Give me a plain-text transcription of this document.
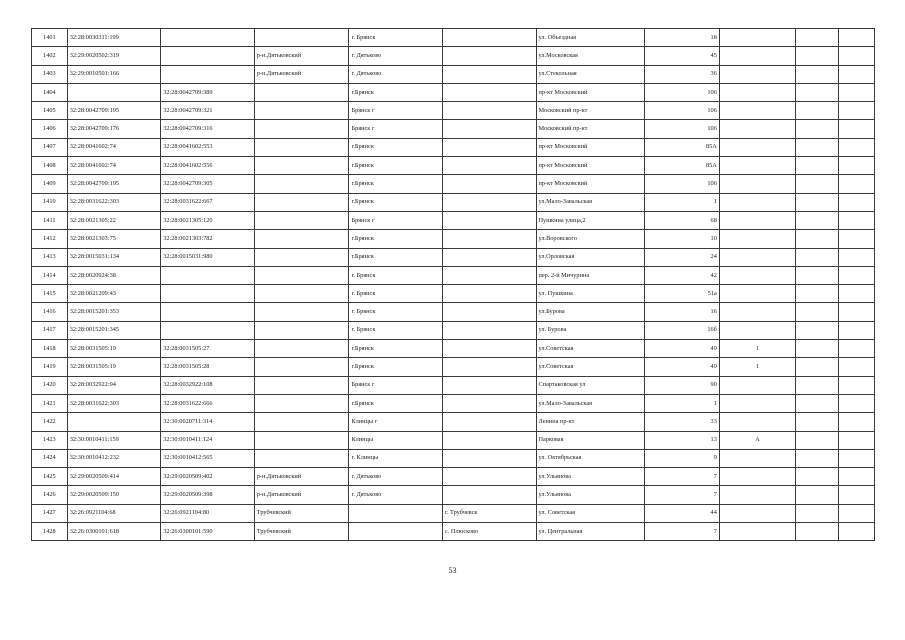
1401	32:28:0030311:199			г. Брянск		ул. Объездная	18			
1402	32:29:0020502:319		р-н.Дятьковский	г. Дятьково		ул.Московская	45			
1403	32:29:0010501:166		р-н.Дятьковский	г. Дятьково		ул.Стекольная	36			
1404		32:28:0042709:389		г.Брянск		пр-кт Московский	106			
1405	32:28:0042709:195	32:28:0042709:321		Брянск г		Московский пр-кт	106			
1406	32:28:0042709:176	32:28:0042709:316		Брянск г		Московский пр-кт	106			
1407	32:28:0041602:74	32:28:0041602:553		г.Брянск		пр-кт Московский	85А			
1408	32:28:0041602:74	32:28:0041602:556		г.Брянск		пр-кт Московский	85А			
1409	32:28:0042709:195	32:28:0042709:305		г.Брянск		пр-кт Московский	106			
1410	32:28:0031622:303	32:28:0031622:667		г.Брянск		ул.Мало-Завальская	1			
1411	32:28:0021305:22	32:28:0021305:120		Брянск г		Пушкина улица,2	68			
1412	32:28:0021303:75	32:28:0021303:782		г.Брянск		ул.Воровского	10			
1413	32:28:0015031:134	32:28:0015031:980		г.Брянск		ул.Орловская	24			
1414	32:28:0020924:38			г. Брянск		пер. 2-й Мичурина	42			
1415	32:28:0021209:43			г. Брянск		ул. Пушкина	51а			
1416	32:28:0015201:353			г. Брянск		ул.Бурова	16			
1417	32:28:0015201:345			г. Брянск		ул. Бурова	16б			
1418	32:28:0031505:19	32:28:0031505:27		г.Брянск		ул.Советская	49	1		
1419	32:28:0031505:19	32:28:0031505:28		г.Брянск		ул.Советская	49	1		
1420	32:28:0032922:94	32:28:0032922:108		Брянск г		Спартаковская ул	90			
1421	32:28:0031622:303	32:28:0031622:666		г.Брянск		ул.Мало-Завальская	1			
1422		32:30:0020711:314		Клинцы г		Ленина пр-кт	33			
1423	32:30:0010411:159	32:30:0010411:124		Клинцы		Парковая	13	А		
1424	32:30:0010412:232	32:30:0010412:565		г. Клинцы		ул. Октябрьская	9			
1425	32:29:0020509:414	32:29:0020509:402	р-н.Дятьковский	г. Дятьково		ул.Ульянова	7			
1426	32:29:0020509:150	32:29:0020509:398	р-н.Дятьковский	г. Дятьково		ул.Ульянова	7			
1427	32:26:0921104:68	32:26:0921104:80	Трубчевский		г. Трубчевск	ул. Советская	44			
1428	32:26:0300101:618	32:26:0300101:590	Трубчевский		с. Плюсково	ул. Центральная	7			
53
